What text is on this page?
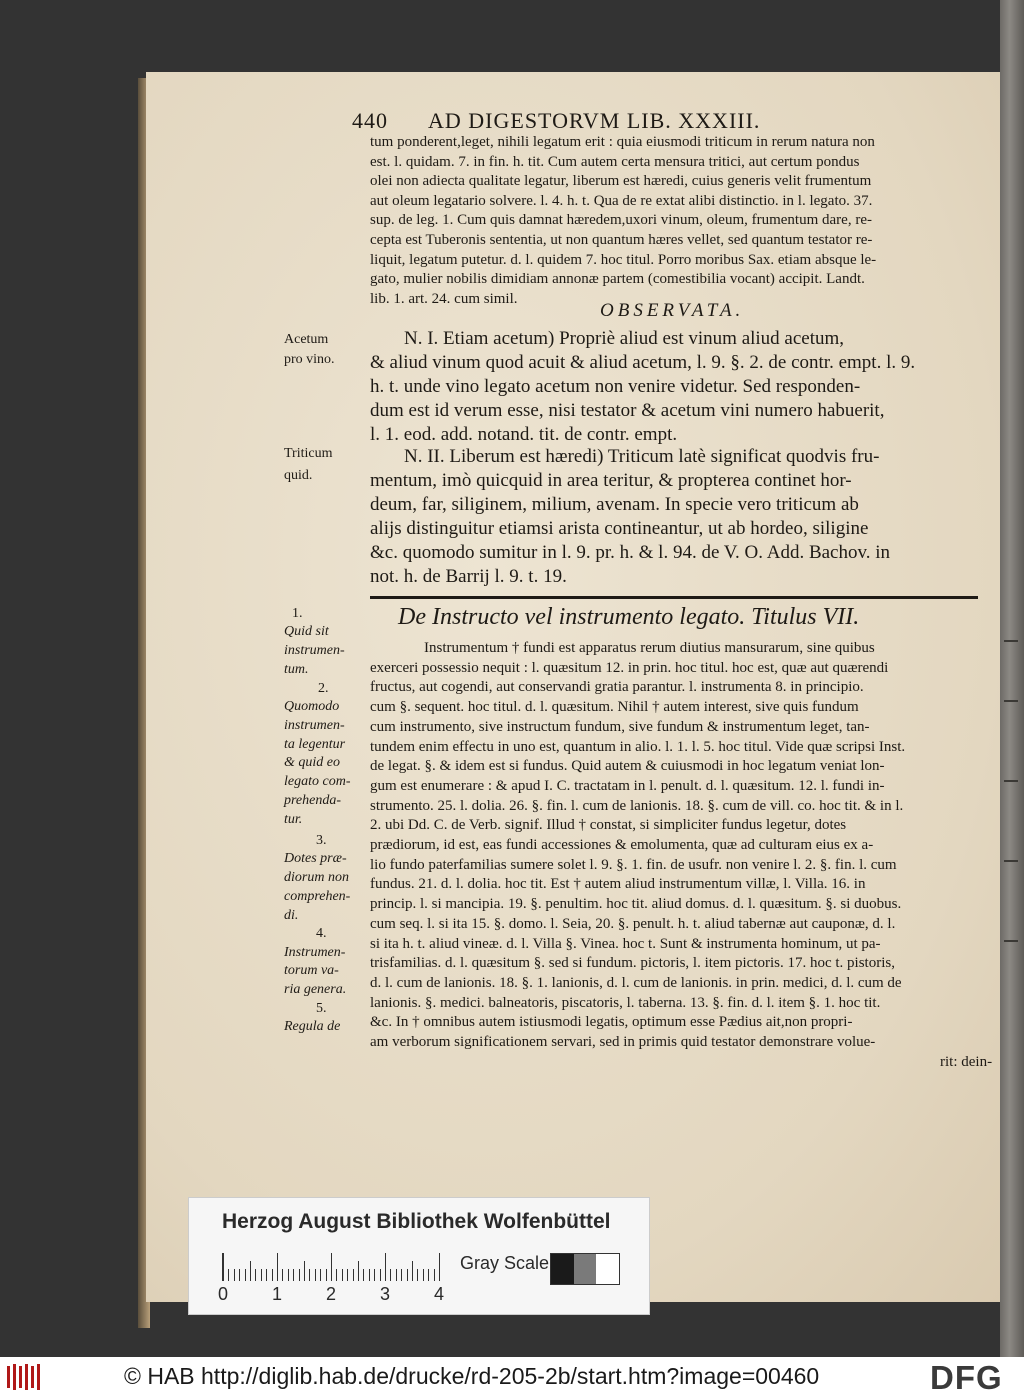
440 AD DIGESTORVM LIB. XXXIII.
tum ponderent,leget, nihili legatum erit : quia eiusmodi triticum in rerum natura non
est. l. quidam. 7. in fin. h. tit. Cum autem certa mensura tritici, aut certum pondus
olei non adiecta qualitate legatur, liberum est hæredi, cuius generis velit frumentum
aut oleum legatario solvere. l. 4. h. t. Qua de re extat alibi distinctio. in l. legato. 37.
sup. de leg. 1. Cum quis damnat hæredem,uxori vinum, oleum, frumentum dare, re-
cepta est Tuberonis sententia, ut non quantum hæres vellet, sed quantum testator re-
liquit, legatum putetur. d. l. quidem 7. hoc titul. Porro moribus Sax. etiam absque le-
gato, mulier nobilis dimidiam annonæ partem (comestibilia vocant) accipit. Landt.
lib. 1. art. 24. cum simil.
OBSERVATA.
N. I. Etiam acetum) Propriè aliud est vinum aliud acetum,
& aliud vinum quod acuit & aliud acetum, l. 9. §. 2. de contr. empt. l. 9.
h. t. unde vino legato acetum non venire videtur. Sed responden-
dum est id verum esse, nisi testator & acetum vini numero habuerit,
l. 1. eod. add. notand. tit. de contr. empt.
N. II. Liberum est hæredi) Triticum latè significat quodvis fru-
mentum, imò quicquid in area teritur, & propterea continet hor-
deum, far, siliginem, milium, avenam. In specie vero triticum ab
alijs distinguitur etiamsi arista contineantur, ut ab hordeo, siligine
&c. quomodo sumitur in l. 9. pr. h. & l. 94. de V. O. Add. Bachov. in
not. h. de Barrij l. 9. t. 19.
De Instructo vel instrumento legato. Titulus VII.
Instrumentum † fundi est apparatus rerum diutius mansurarum, sine quibus
exerceri possessio nequit : l. quæsitum 12. in prin. hoc titul. hoc est, quæ aut quærendi
fructus, aut cogendi, aut conservandi gratia parantur. l. instrumenta 8. in principio.
cum §. sequent. hoc titul. d. l. quæsitum. Nihil † autem interest, sive quis fundum
cum instrumento, sive instructum fundum, sive fundum & instrumentum leget, tan-
tundem enim effectu in uno est, quantum in alio. l. 1. l. 5. hoc titul. Vide quæ scripsi Inst.
de legat. §. & idem est si fundus. Quid autem & cuiusmodi in hoc legatum veniat lon-
gum est enumerare : & apud I. C. tractatam in l. penult. d. l. quæsitum. 12. l. fundi in-
strumento. 25. l. dolia. 26. §. fin. l. cum de lanionis. 18. §. cum de vill. co. hoc tit. & in l.
2. ubi Dd. C. de Verb. signif. Illud † constat, si simpliciter fundus legetur, dotes
prædiorum, id est, eas fundi accessiones & emolumenta, quæ ad culturam eius ex a-
lio fundo paterfamilias sumere solet l. 9. §. 1. fin. de usufr. non venire l. 2. §. fin. l. cum
fundus. 21. d. l. dolia. hoc tit. Est † autem aliud instrumentum villæ, l. Villa. 16. in
princip. l. si mancipia. 19. §. penultim. hoc tit. aliud domus. d. l. quæsitum. §. si duobus.
cum seq. l. si ita 15. §. domo. l. Seia, 20. §. penult. h. t. aliud tabernæ aut cauponæ, d. l.
si ita h. t. aliud vineæ. d. l. Villa §. Vinea. hoc t. Sunt & instrumenta hominum, ut pa-
trisfamilias. d. l. quæsitum §. sed si fundum. pictoris, l. item pictoris. 17. hoc t. pistoris,
d. l. cum de lanionis. 18. §. 1. lanionis, d. l. cum de lanionis. in prin. medici, d. l. cum de
lanionis. §. medici. balneatoris, piscatoris, l. taberna. 13. §. fin. d. l. item §. 1. hoc tit.
&c. In † omnibus autem istiusmodi legatis, optimum esse Pædius ait,non propri-
am verborum significationem servari, sed in primis quid testator demonstrare volue-
rit: dein-
Acetum
pro vino.
Triticum
quid.
1.
Quid sit
instrumen-
tum.
2.
Quomodo
instrumen-
ta legentur
& quid eo
legato com-
prehenda-
tur.
3.
Dotes præ-
diorum non
comprehen-
di.
4.
Instrumen-
torum va-
ria genera.
5.
Regula de
Herzog August Bibliothek Wolfenbüttel
0 1 2 3 4
Gray Scale
© HAB http://diglib.hab.de/drucke/rd-205-2b/start.htm?image=00460	DFG
